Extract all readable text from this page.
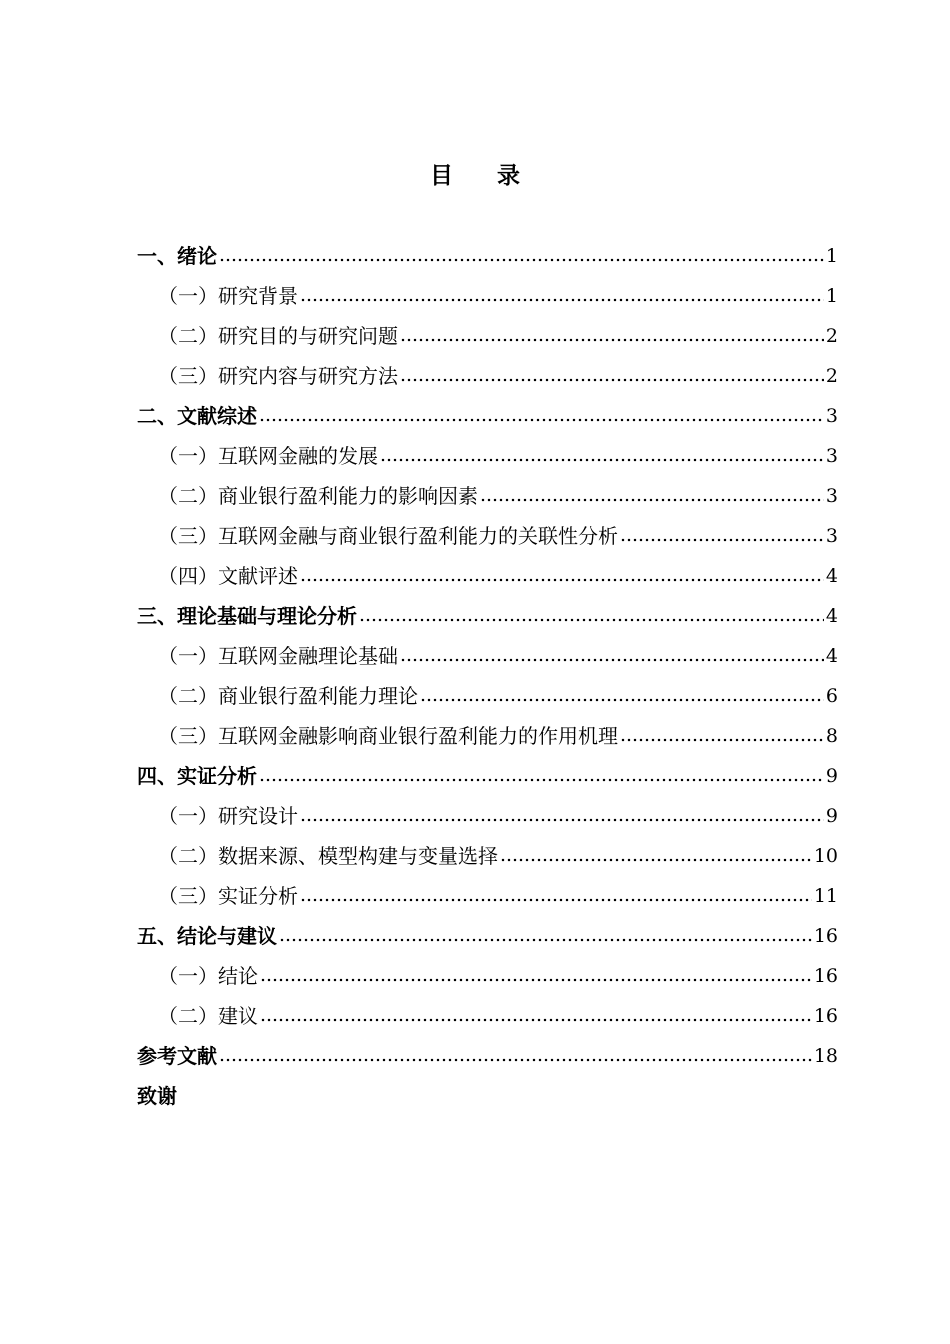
目 录
一、绪论	1
（一）研究背景	1
（二）研究目的与研究问题	2
（三）研究内容与研究方法	2
二、文献综述	3
（一）互联网金融的发展	3
（二）商业银行盈利能力的影响因素	3
（三）互联网金融与商业银行盈利能力的关联性分析	3
（四）文献评述	4
三、理论基础与理论分析	4
（一）互联网金融理论基础	4
（二）商业银行盈利能力理论	6
（三）互联网金融影响商业银行盈利能力的作用机理	8
四、实证分析	9
（一）研究设计	9
（二）数据来源、模型构建与变量选择	10
（三）实证分析	11
五、结论与建议	16
（一）结论	16
（二）建议	16
参考文献	18
致谢
